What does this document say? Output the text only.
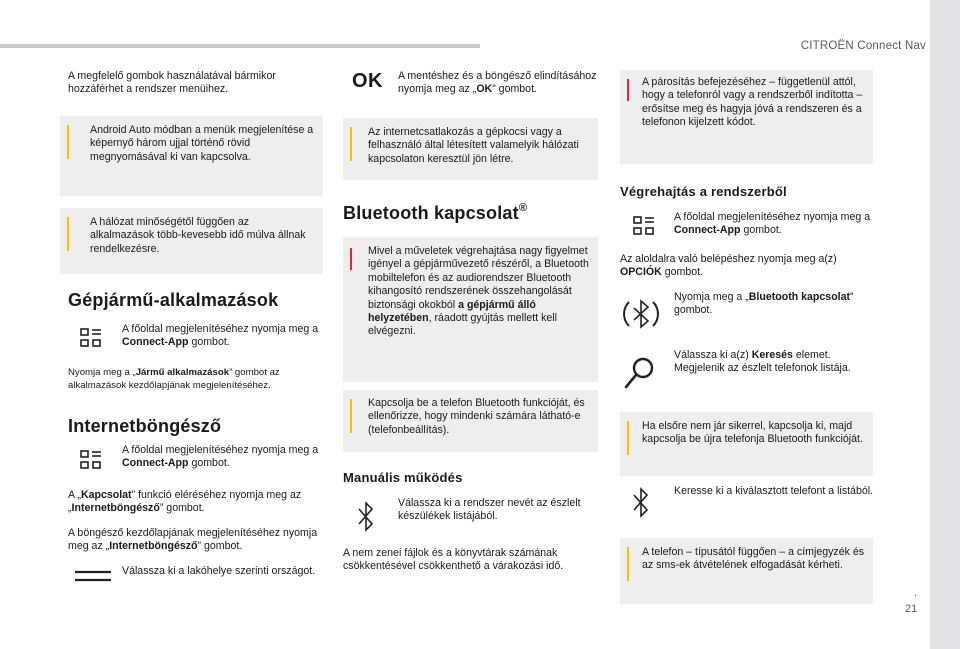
CITROËN Connect Nav
.
21
A megfelelő gombok használatával bármikor hozzáférhet a rendszer menüihez.
Android Auto módban a menük megjelenítése a képernyő három ujjal történő rövid megnyomásával ki van kapcsolva.
A hálózat minőségétől függően az alkalmazások több-kevesebb idő múlva állnak rendelkezésre.
Gépjármű-alkalmazások
A főoldal megjelenítéséhez nyomja meg a Connect-App gombot.
Nyomja meg a „Jármű alkalmazások” gombot az alkalmazások kezdőlapjának megjelenítéséhez.
Internetböngésző
A főoldal megjelenítéséhez nyomja meg a Connect-App gombot.
A „Kapcsolat” funkció eléréséhez nyomja meg az „Internetböngésző” gombot.
A böngésző kezdőlapjának megjelenítéséhez nyomja meg az „Internetböngésző” gombot.
Válassza ki a lakóhelye szerinti országot.
OK A mentéshez és a böngésző elindításához nyomja meg az „OK” gombot.
Az internetcsatlakozás a gépkocsi vagy a felhasználó által létesített valamelyik hálózati kapcsolaton keresztül jön létre.
Bluetooth kapcsolat®
Mivel a műveletek végrehajtása nagy figyelmet igényel a gépjárművezető részéről, a Bluetooth mobiltelefon és az audiorendszer Bluetooth kihangosító rendszerének összehangolását biztonsági okokból a gépjármű álló helyzetében, ráadott gyújtás mellett kell elvégezni.
Kapcsolja be a telefon Bluetooth funkcióját, és ellenőrizze, hogy mindenki számára látható-e (telefonbeállítás).
Manuális működés
Válassza ki a rendszer nevét az észlelt készülékek listájából.
A nem zenei fájlok és a könyvtárak számának csökkentésével csökkenthető a várakozási idő.
A párosítás befejezéséhez – függetlenül attól, hogy a telefonról vagy a rendszerből indította – erősítse meg és hagyja jóvá a rendszeren és a telefonon kijelzett kódot.
Végrehajtás a rendszerből
A főoldal megjelenítéséhez nyomja meg a Connect-App gombot.
Az aloldalra való belépéshez nyomja meg a(z) OPCIÓK gombot.
Nyomja meg a „Bluetooth kapcsolat” gombot.
Válassza ki a(z) Keresés elemet. Megjelenik az észlelt telefonok listája.
Ha elsőre nem jár sikerrel, kapcsolja ki, majd kapcsolja be újra telefonja Bluetooth funkcióját.
Keresse ki a kiválasztott telefont a listából.
A telefon – típusától függően – a címjegyzék és az sms-ek átvételének elfogadását kérheti.
